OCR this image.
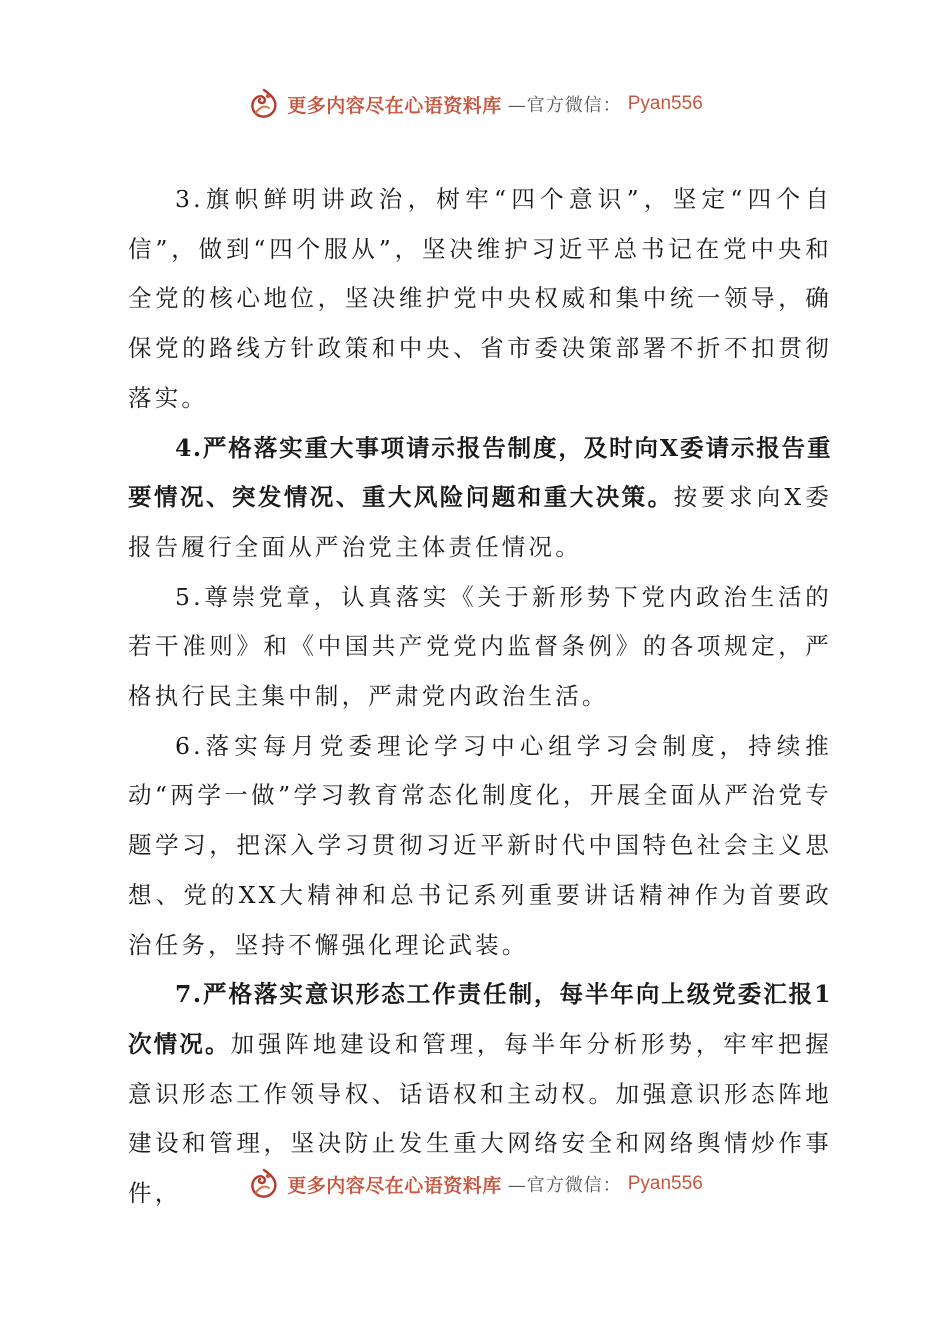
更多内容尽在心语资料库 —官方微信： Pyan556

3.旗帜鲜明讲政治，树牢“四个意识”，坚定“四个自信”，做到“四个服从”，坚决维护习近平总书记在党中央和全党的核心地位，坚决维护党中央权威和集中统一领导，确保党的路线方针政策和中央、省市委决策部署不折不扣贯彻落实。

4.严格落实重大事项请示报告制度，及时向X委请示报告重要情况、突发情况、重大风险问题和重大决策。按要求向X委报告履行全面从严治党主体责任情况。

5.尊崇党章，认真落实《关于新形势下党内政治生活的若干准则》和《中国共产党党内监督条例》的各项规定，严格执行民主集中制，严肃党内政治生活。

6.落实每月党委理论学习中心组学习会制度，持续推动“两学一做”学习教育常态化制度化，开展全面从严治党专题学习，把深入学习贯彻习近平新时代中国特色社会主义思想、党的XX大精神和总书记系列重要讲话精神作为首要政治任务，坚持不懈强化理论武装。

7.严格落实意识形态工作责任制，每半年向上级党委汇报1次情况。加强阵地建设和管理，每半年分析形势，牢牢把握意识形态工作领导权、话语权和主动权。加强意识形态阵地建设和管理，坚决防止发生重大网络安全和网络舆情炒作事件，	更多内容尽在心语资料库 —官方微信： Pyan556
